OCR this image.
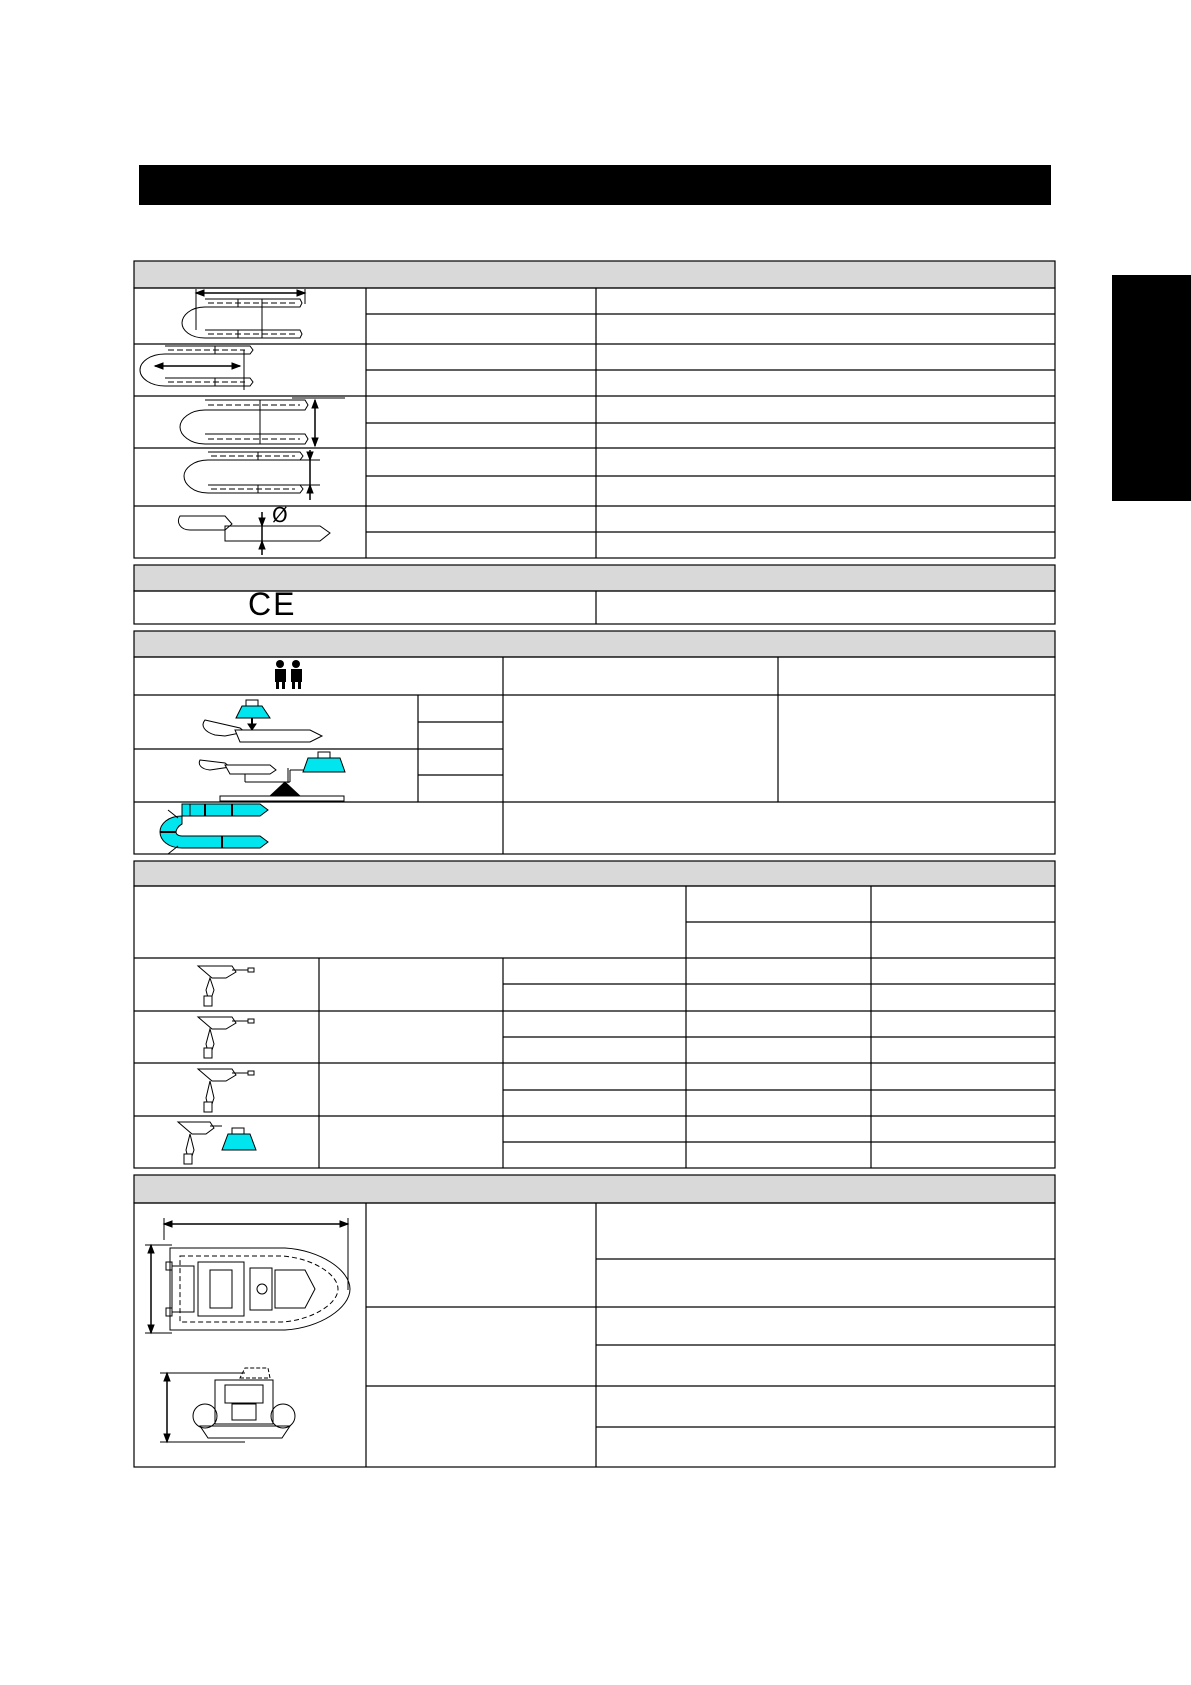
CE
Ø
